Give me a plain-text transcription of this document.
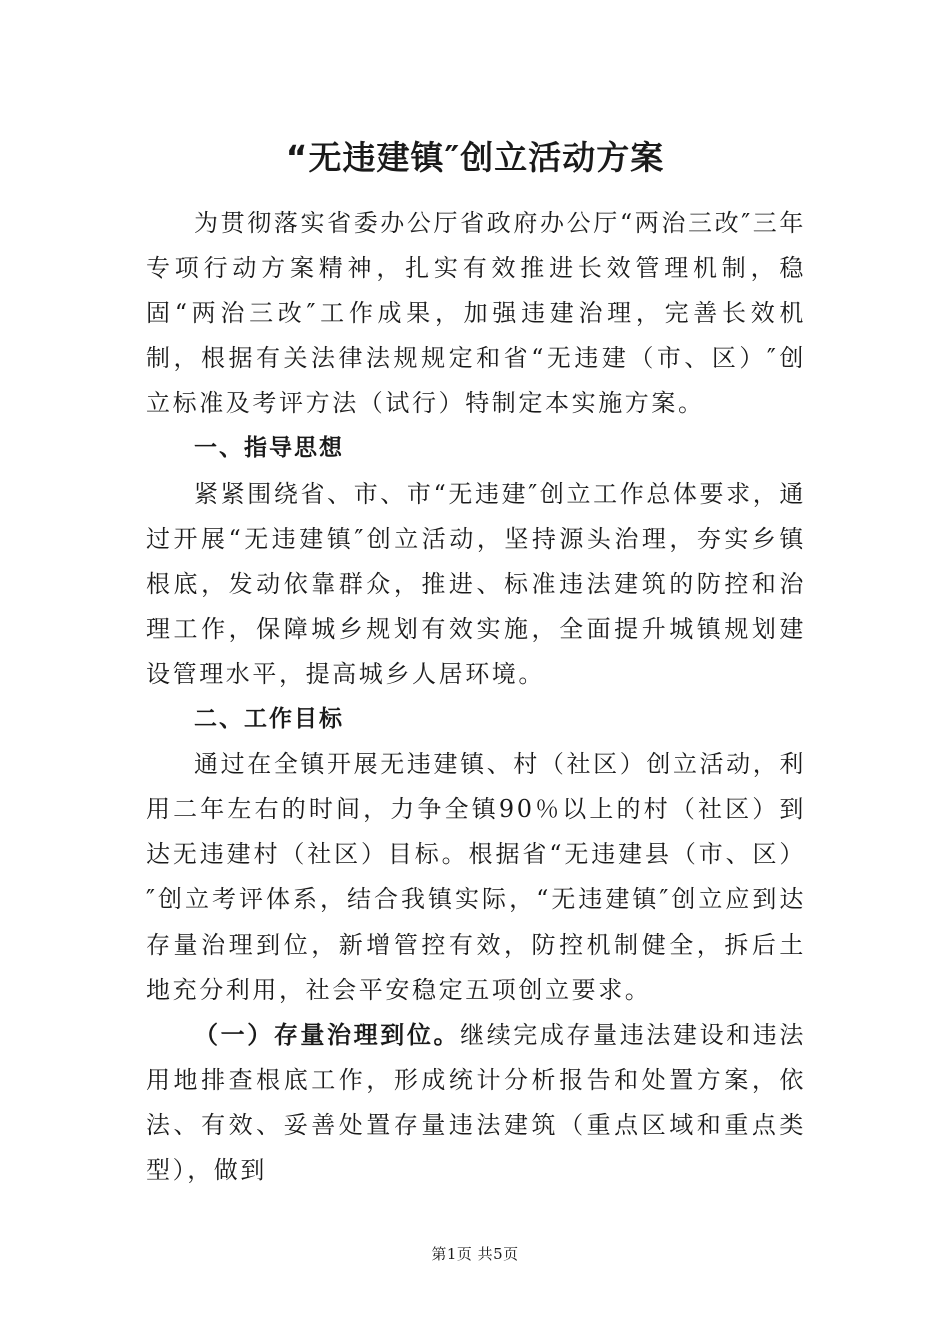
“无违建镇″创立活动方案

为贯彻落实省委办公厅省政府办公厅“两治三改″三年专项行动方案精神，扎实有效推进长效管理机制，稳固“两治三改″工作成果，加强违建治理，完善长效机制，根据有关法律法规规定和省“无违建（市、区）″创立标准及考评方法（试行）特制定本实施方案。

一、指导思想

紧紧围绕省、市、市“无违建″创立工作总体要求，通过开展“无违建镇″创立活动，坚持源头治理，夯实乡镇根底，发动依靠群众，推进、标准违法建筑的防控和治理工作，保障城乡规划有效实施，全面提升城镇规划建设管理水平，提高城乡人居环境。

二、工作目标

通过在全镇开展无违建镇、村（社区）创立活动，利用二年左右的时间，力争全镇90％以上的村（社区）到达无违建村（社区）目标。根据省“无违建县（市、区）″创立考评体系，结合我镇实际，“无违建镇″创立应到达存量治理到位，新增管控有效，防控机制健全，拆后土地充分利用，社会平安稳定五项创立要求。

（一）存量治理到位。继续完成存量违法建设和违法用地排查根底工作，形成统计分析报告和处置方案，依法、有效、妥善处置存量违法建筑（重点区域和重点类型），做到

第1页 共5页
